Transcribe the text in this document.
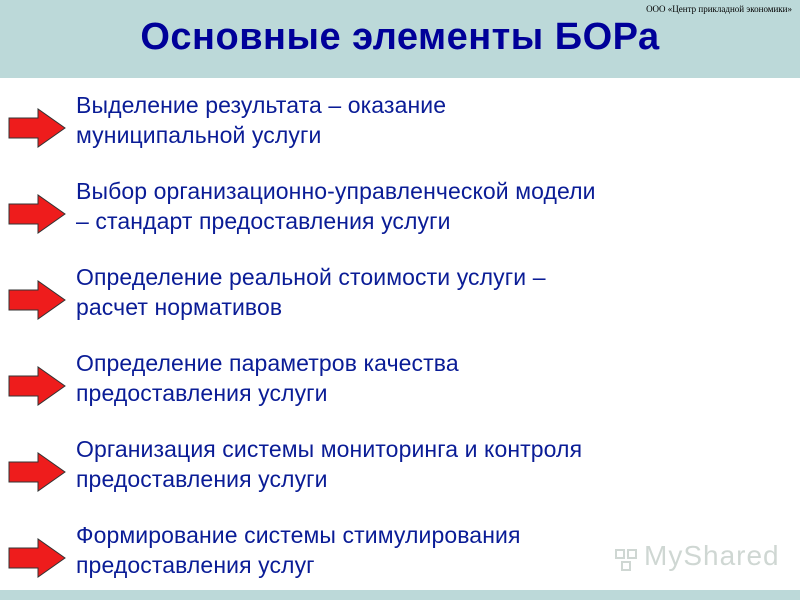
ООО «Центр прикладной экономики»
Основные элементы БОРа
Выделение результата – оказание
муниципальной услуги
Выбор организационно-управленческой модели
– стандарт предоставления услуги
Определение реальной стоимости услуги –
расчет нормативов
Определение параметров качества
предоставления услуги
Организация системы мониторинга и контроля
предоставления услуги
Формирование системы стимулирования
предоставления услуг	MyShared
